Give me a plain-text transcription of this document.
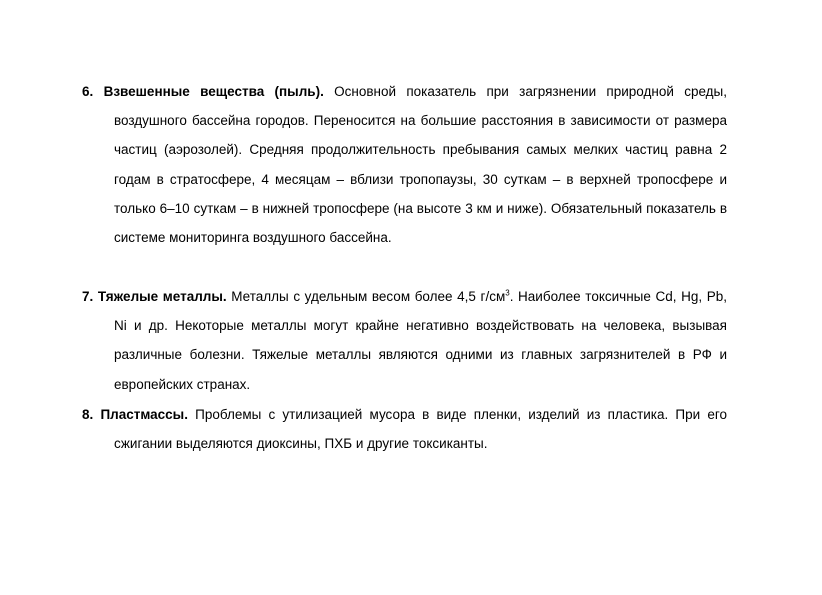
6. Взвешенные вещества (пыль). Основной показатель при загрязнении природной среды, воздушного бассейна городов. Переносится на большие расстояния в зависимости от размера частиц (аэрозолей). Средняя продолжительность пребывания самых мелких частиц равна 2 годам в стратосфере, 4 месяцам – вблизи тропопаузы, 30 суткам – в верхней тропосфере и только 6–10 суткам – в нижней тропосфере (на высоте 3 км и ниже). Обязательный показатель в системе мониторинга воздушного бассейна.
7. Тяжелые металлы. Металлы с удельным весом более 4,5 $г/см^3$. Наиболее токсичные Cd, Hg, Pb, Ni и др. Некоторые металлы могут крайне негативно воздействовать на человека, вызывая различные болезни. Тяжелые металлы являются одними из главных загрязнителей в РФ и европейских странах.
8. Пластмассы. Проблемы с утилизацией мусора в виде пленки, изделий из пластика. При его сжигании выделяются диоксины, ПХБ и другие токсиканты.
